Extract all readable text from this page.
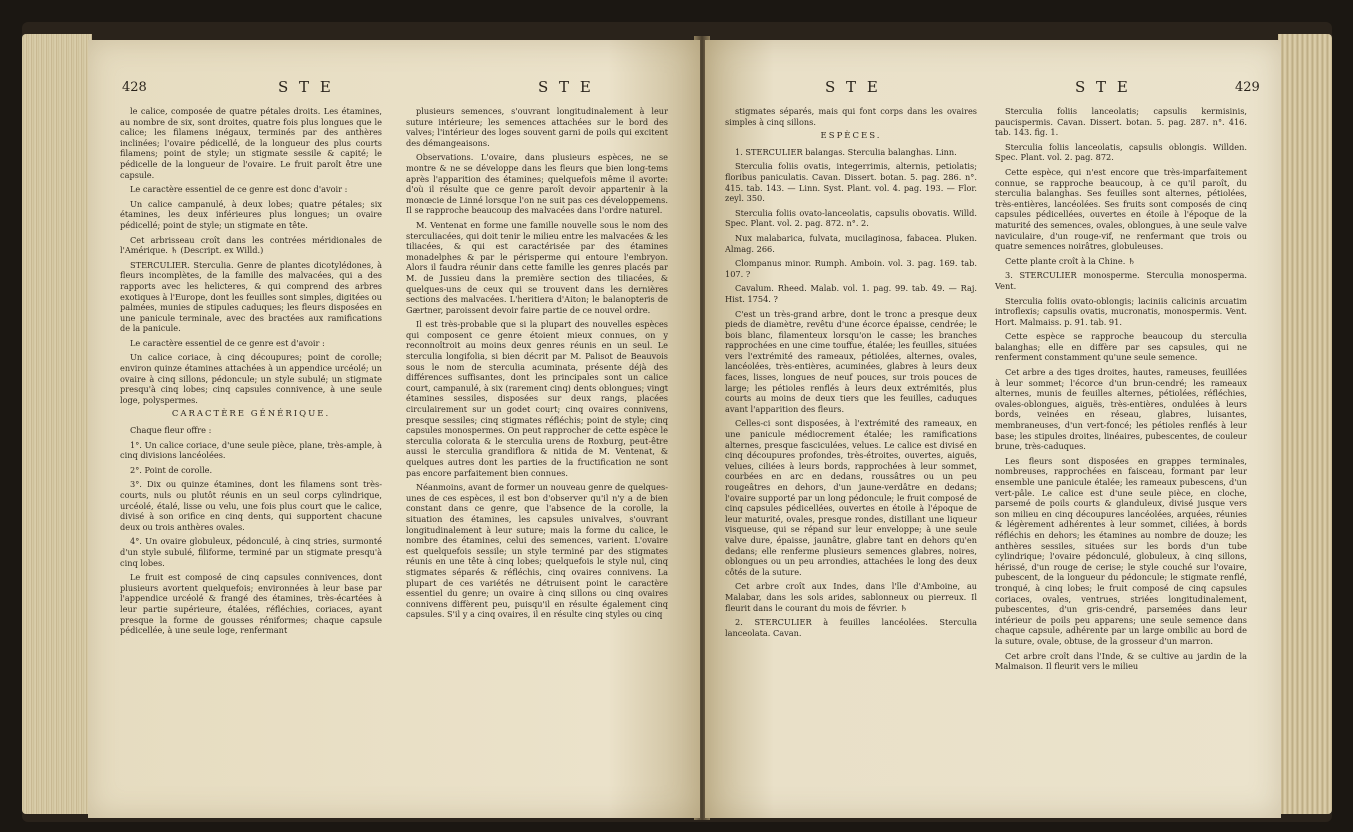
428	S T E	S T E

le calice, composée de quatre pétales droits. Les étamines, au nombre de six, sont droites, quatre fois plus longues que le calice; les filamens inégaux, terminés par des anthères inclinées; l'ovaire pédicellé, de la longueur des plus courts filamens; point de style; un stigmate sessile & capité; le pédicelle de la longueur de l'ovaire. Le fruit paroît être une capsule.

Le caractère essentiel de ce genre est donc d'avoir :

Un calice campanulé, à deux lobes; quatre pétales; six étamines, les deux inférieures plus longues; un ovaire pédicellé; point de style; un stigmate en tête.

Cet arbrisseau croît dans les contrées méridionales de l'Amérique. ♄ (Descript. ex Willd.)

STERCULIER. Sterculia. Genre de plantes dicotylédones, à fleurs incomplètes, de la famille des malvacées, qui a des rapports avec les helicteres, & qui comprend des arbres exotiques à l'Europe, dont les feuilles sont simples, digitées ou palmées, munies de stipules caduques; les fleurs disposées en une panicule terminale, avec des bractées aux ramifications de la panicule.

Le caractère essentiel de ce genre est d'avoir :

Un calice coriace, à cinq découpures; point de corolle; environ quinze étamines attachées à un appendice urcéolé; un ovaire à cinq sillons, pédoncule; un style subulé; un stigmate presqu'à cinq lobes; cinq capsules connivence, à une seule loge, polyspermes.

CARACTÈRE GÉNÉRIQUE.

Chaque fleur offre :

1°. Un calice coriace, d'une seule pièce, plane, très-ample, à cinq divisions lancéolées.

2°. Point de corolle.

3°. Dix ou quinze étamines, dont les filamens sont très-courts, nuls ou plutôt réunis en un seul corps cylindrique, urcéolé, étalé, lisse ou velu, une fois plus court que le calice, divisé à son orifice en cinq dents, qui supportent chacune deux ou trois anthères ovales.

4°. Un ovaire globuleux, pédonculé, à cinq stries, surmonté d'un style subulé, filiforme, terminé par un stigmate presqu'à cinq lobes.

Le fruit est composé de cinq capsules connivences, dont plusieurs avortent quelquefois; environnées à leur base par l'appendice urcéolé & frangé des étamines, très-écartées à leur partie supérieure, étalées, réfléchies, coriaces, ayant presque la forme de gousses réniformes; chaque capsule pédicellée, à une seule loge, renfermant

plusieurs semences, s'ouvrant longitudinalement à leur suture intérieure; les semences attachées sur le bord des valves; l'intérieur des loges souvent garni de poils qui excitent des démangeaisons.

Observations. L'ovaire, dans plusieurs espèces, ne se montre & ne se développe dans les fleurs que bien long-tems après l'apparition des étamines; quelquefois même il avorte: d'où il résulte que ce genre paroît devoir appartenir à la monœcie de Linné lorsque l'on ne suit pas ces développemens. Il se rapproche beaucoup des malvacées dans l'ordre naturel.

M. Ventenat en forme une famille nouvelle sous le nom des sterculiacées, qui doit tenir le milieu entre les malvacées & les tiliacées, & qui est caractérisée par des étamines monadelphes & par le périsperme qui entoure l'embryon. Alors il faudra réunir dans cette famille les genres placés par M. de Jussieu dans la première section des tiliacées, & quelques-uns de ceux qui se trouvent dans les dernières sections des malvacées. L'heritiera d'Aiton; le balanopteris de Gærtner, paroissent devoir faire partie de ce nouvel ordre.

Il est très-probable que si la plupart des nouvelles espèces qui composent ce genre étoient mieux connues, on y reconnoîtroit au moins deux genres réunis en un seul. Le sterculia longifolia, si bien décrit par M. Palisot de Beauvois sous le nom de sterculia acuminata, présente déjà des différences suffisantes, dont les principales sont un calice court, campanulé, à six (rarement cinq) dents oblongues; vingt étamines sessiles, disposées sur deux rangs, placées circulairement sur un godet court; cinq ovaires connivens, presque sessiles; cinq stigmates réfléchis; point de style; cinq capsules monospermes. On peut rapprocher de cette espèce le sterculia colorata & le sterculia urens de Roxburg, peut-être aussi le sterculia grandiflora & nitida de M. Ventenat, & quelques autres dont les parties de la fructification ne sont pas encore parfaitement bien connues.

Néanmoins, avant de former un nouveau genre de quelques-unes de ces espèces, il est bon d'observer qu'il n'y a de bien constant dans ce genre, que l'absence de la corolle, la situation des étamines, les capsules univalves, s'ouvrant longitudinalement à leur suture; mais la forme du calice, le nombre des étamines, celui des semences, varient. L'ovaire est quelquefois sessile; un style terminé par des stigmates réunis en une tête à cinq lobes; quelquefois le style nul, cinq stigmates séparés & réfléchis, cinq ovaires connivens. La plupart de ces variétés ne détruisent point le caractère essentiel du genre; un ovaire à cinq sillons ou cinq ovaires connivens diffèrent peu, puisqu'il en résulte également cinq capsules. S'il y a cinq ovaires, il en résulte cinq styles ou cinq

S T E	S T E	429

stigmates séparés, mais qui font corps dans les ovaires simples à cinq sillons.

ESPÈCES.

1. STERCULIER balangas. Sterculia balanghas. Linn.

Sterculia foliis ovatis, integerrimis, alternis, petiolatis; floribus paniculatis. Cavan. Dissert. botan. 5. pag. 286. n°. 415. tab. 143. — Linn. Syst. Plant. vol. 4. pag. 193. — Flor. zeyl. 350.

Sterculia foliis ovato-lanceolatis, capsulis obovatis. Willd. Spec. Plant. vol. 2. pag. 872. n°. 2.

Nux malabarica, fulvata, mucilaginosa, fabacea. Pluken. Almag. 266.

Clompanus minor. Rumph. Amboin. vol. 3. pag. 169. tab. 107. ?

Cavalum. Rheed. Malab. vol. 1. pag. 99. tab. 49. — Raj. Hist. 1754. ?

C'est un très-grand arbre, dont le tronc a presque deux pieds de diamètre, revêtu d'une écorce épaisse, cendrée; le bois blanc, filamenteux lorsqu'on le casse; les branches rapprochées en une cime touffue, étalée; les feuilles, situées vers l'extrémité des rameaux, pétiolées, alternes, ovales, lancéolées, très-entières, acuminées, glabres à leurs deux faces, lisses, longues de neuf pouces, sur trois pouces de large; les pétioles renflés à leurs deux extrémités, plus courts au moins de deux tiers que les feuilles, caduques avant l'apparition des fleurs.

Celles-ci sont disposées, à l'extrémité des rameaux, en une panicule médiocrement étalée; les ramifications alternes, presque fasciculées, velues. Le calice est divisé en cinq découpures profondes, très-étroites, ouvertes, aiguës, velues, ciliées à leurs bords, rapprochées à leur sommet, courbées en arc en dedans, roussâtres ou un peu rougeâtres en dehors, d'un jaune-verdâtre en dedans; l'ovaire supporté par un long pédoncule; le fruit composé de cinq capsules pédicellées, ouvertes en étoile à l'époque de leur maturité, ovales, presque rondes, distillant une liqueur visqueuse, qui se répand sur leur enveloppe; à une seule valve dure, épaisse, jaunâtre, glabre tant en dehors qu'en dedans; elle renferme plusieurs semences glabres, noires, oblongues ou un peu arrondies, attachées le long des deux côtés de la suture.

Cet arbre croît aux Indes, dans l'île d'Amboine, au Malabar, dans les sols arides, sablonneux ou pierreux. Il fleurit dans le courant du mois de février. ♄

2. STERCULIER à feuilles lancéolées. Sterculia lanceolata. Cavan.

Sterculia foliis lanceolatis; capsulis kermisinis, paucispermis. Cavan. Dissert. botan. 5. pag. 287. n°. 416. tab. 143. fig. 1.

Sterculia foliis lanceolatis, capsulis oblongis. Willden. Spec. Plant. vol. 2. pag. 872.

Cette espèce, qui n'est encore que très-imparfaitement connue, se rapproche beaucoup, à ce qu'il paroît, du sterculia balanghas. Ses feuilles sont alternes, pétiolées, très-entières, lancéolées. Ses fruits sont composés de cinq capsules pédicellées, ouvertes en étoile à l'époque de la maturité des semences, ovales, oblongues, à une seule valve naviculaire, d'un rouge-vif, ne renfermant que trois ou quatre semences noirâtres, globuleuses.

Cette plante croît à la Chine. ♄

3. STERCULIER monosperme. Sterculia monosperma. Vent.

Sterculia foliis ovato-oblongis; laciniis calicinis arcuatim introflexis; capsulis ovatis, mucronatis, monospermis. Vent. Hort. Malmaiss. p. 91. tab. 91.

Cette espèce se rapproche beaucoup du sterculia balanghas; elle en diffère par ses capsules, qui ne renferment constamment qu'une seule semence.

Cet arbre a des tiges droites, hautes, rameuses, feuillées à leur sommet; l'écorce d'un brun-cendré; les rameaux alternes, munis de feuilles alternes, pétiolées, réfléchies, ovales-oblongues, aiguës, très-entières, ondulées à leurs bords, veinées en réseau, glabres, luisantes, membraneuses, d'un vert-foncé; les pétioles renflés à leur base; les stipules droites, linéaires, pubescentes, de couleur brune, très-caduques.

Les fleurs sont disposées en grappes terminales, nombreuses, rapprochées en faisceau, formant par leur ensemble une panicule étalée; les rameaux pubescens, d'un vert-pâle. Le calice est d'une seule pièce, en cloche, parsemé de poils courts & glanduleux, divisé jusque vers son milieu en cinq découpures lancéolées, arquées, réunies & légèrement adhérentes à leur sommet, ciliées, à bords réfléchis en dehors; les étamines au nombre de douze; les anthères sessiles, situées sur les bords d'un tube cylindrique; l'ovaire pédonculé, globuleux, à cinq sillons, hérissé, d'un rouge de cerise; le style couché sur l'ovaire, pubescent, de la longueur du pédoncule; le stigmate renflé, tronqué, à cinq lobes; le fruit composé de cinq capsules coriaces, ovales, ventrues, striées longitudinalement, pubescentes, d'un gris-cendré, parsemées dans leur intérieur de poils peu apparens; une seule semence dans chaque capsule, adhérente par un large ombilic au bord de la suture, ovale, obtuse, de la grosseur d'un marron.

Cet arbre croît dans l'Inde, & se cultive au jardin de la Malmaison. Il fleurit vers le milieu
